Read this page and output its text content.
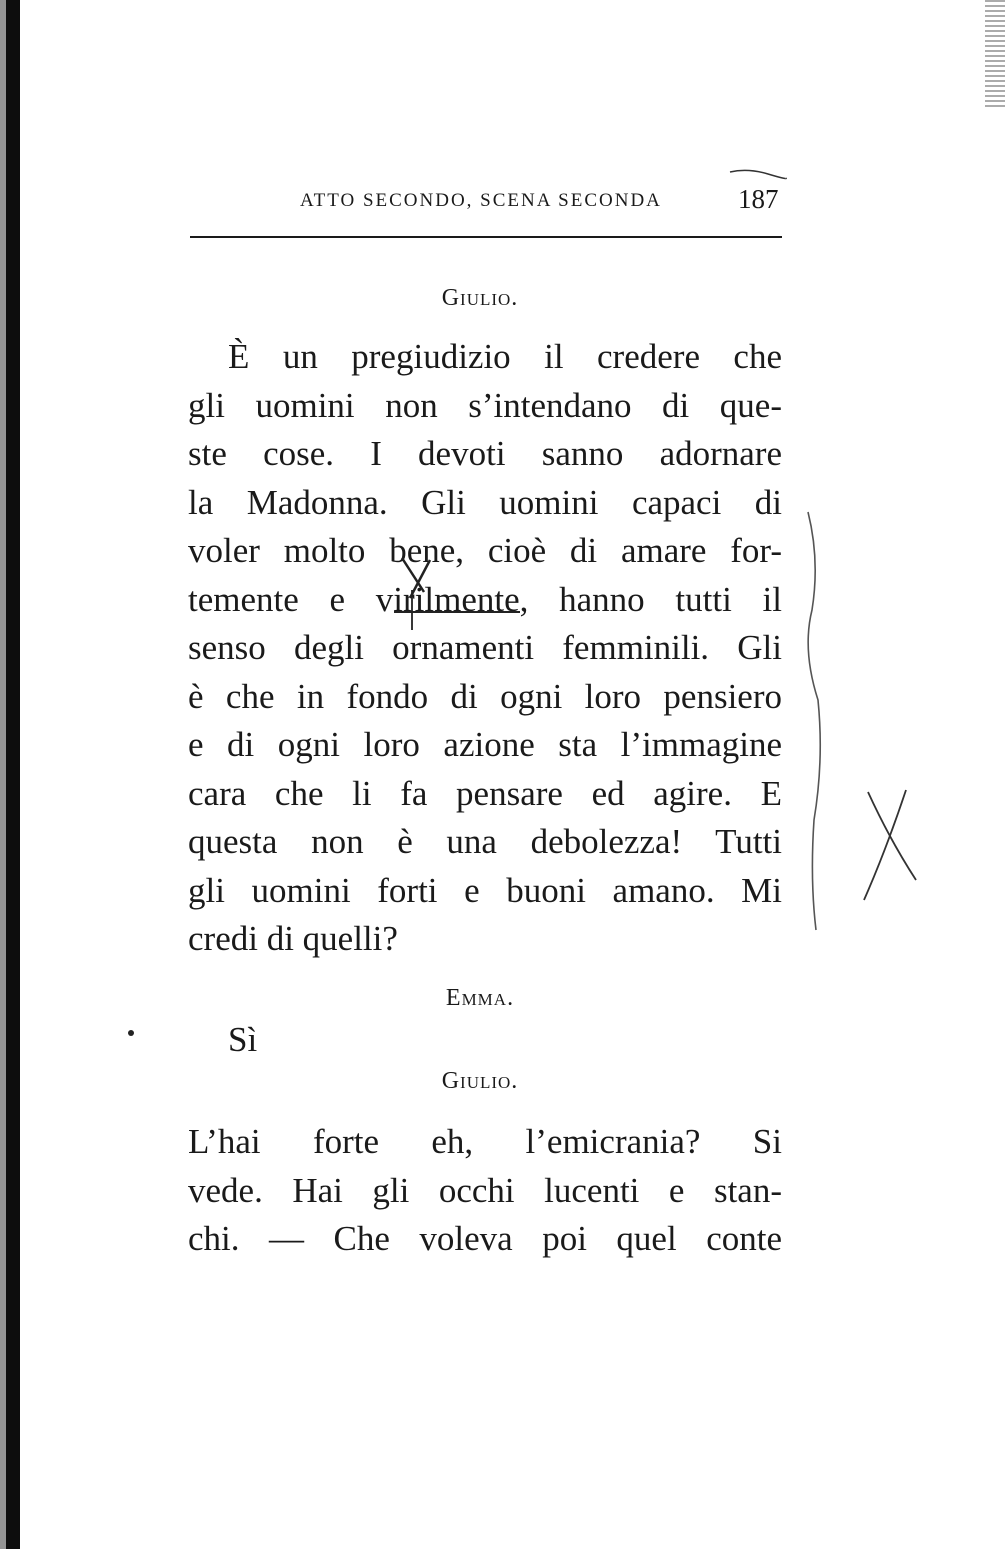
ATTO SECONDO, SCENA SECONDA	187
Giulio.
È un pregiudizio il credere che
gli uomini non s’intendano di que-
ste cose. I devoti sanno adornare
la Madonna. Gli uomini capaci di
voler molto bene, cioè di amare for-
temente e virilmente, hanno tutti il
senso degli ornamenti femminili. Gli
è che in fondo di ogni loro pensiero
e di ogni loro azione sta l’immagine
cara che li fa pensare ed agire. E
questa non è una debolezza! Tutti
gli uomini forti e buoni amano. Mi
credi di quelli?
Emma.
Sì
Giulio.
L’hai forte eh, l’emicrania? Si
vede. Hai gli occhi lucenti e stan-
chi. — Che voleva poi quel conte
